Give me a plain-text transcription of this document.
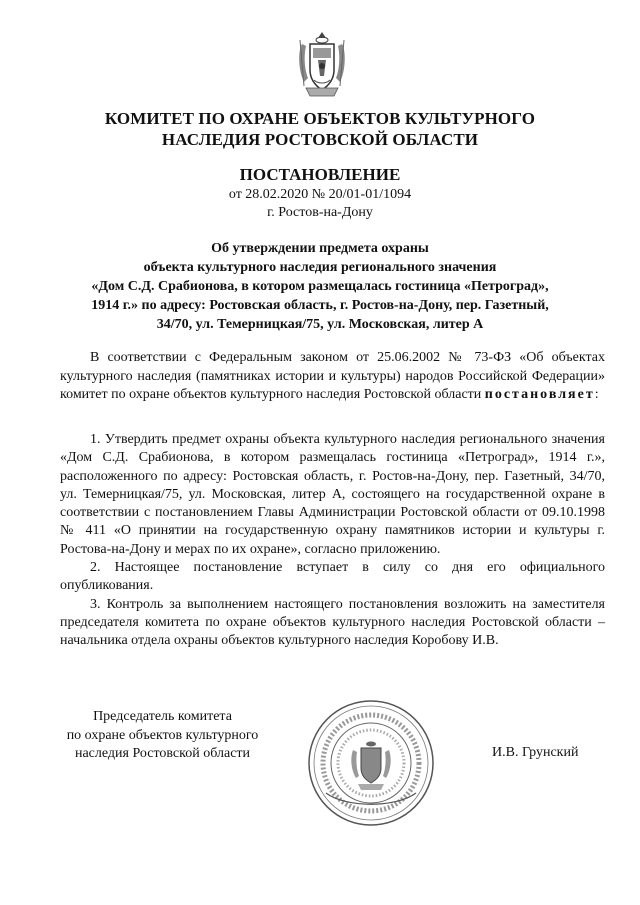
КОМИТЕТ ПО ОХРАНЕ ОБЪЕКТОВ КУЛЬТУРНОГО
НАСЛЕДИЯ РОСТОВСКОЙ ОБЛАСТИ
ПОСТАНОВЛЕНИЕ
от 28.02.2020 № 20/01-01/1094
г. Ростов-на-Дону
Об утверждении предмета охраны
объекта культурного наследия регионального значения
«Дом С.Д. Срабионова, в котором размещалась гостиница «Петроград»,
1914 г.» по адресу: Ростовская область, г. Ростов-на-Дону, пер. Газетный,
34/70, ул. Темерницкая/75, ул. Московская, литер А

В соответствии с Федеральным законом от 25.06.2002 № 73-ФЗ «Об объектах культурного наследия (памятниках истории и культуры) народов Российской Федерации» комитет по охране объектов культурного наследия Ростовской области постановляет:

1. Утвердить предмет охраны объекта культурного наследия регионального значения «Дом С.Д. Срабионова, в котором размещалась гостиница «Петроград», 1914 г.», расположенного по адресу: Ростовская область, г. Ростов-на-Дону, пер. Газетный, 34/70, ул. Темерницкая/75, ул. Московская, литер А, состоящего на государственной охране в соответствии с постановлением Главы Администрации Ростовской области от 09.10.1998 № 411 «О принятии на государственную охрану памятников истории и культуры г. Ростова-на-Дону и мерах по их охране», согласно приложению.

2. Настоящее постановление вступает в силу со дня его официального опубликования.

3. Контроль за выполнением настоящего постановления возложить на заместителя председателя комитета по охране объектов культурного наследия Ростовской области – начальника отдела охраны объектов культурного наследия Коробову И.В.

Председатель комитета
по охране объектов культурного
наследия Ростовской области	И.В. Грунский
